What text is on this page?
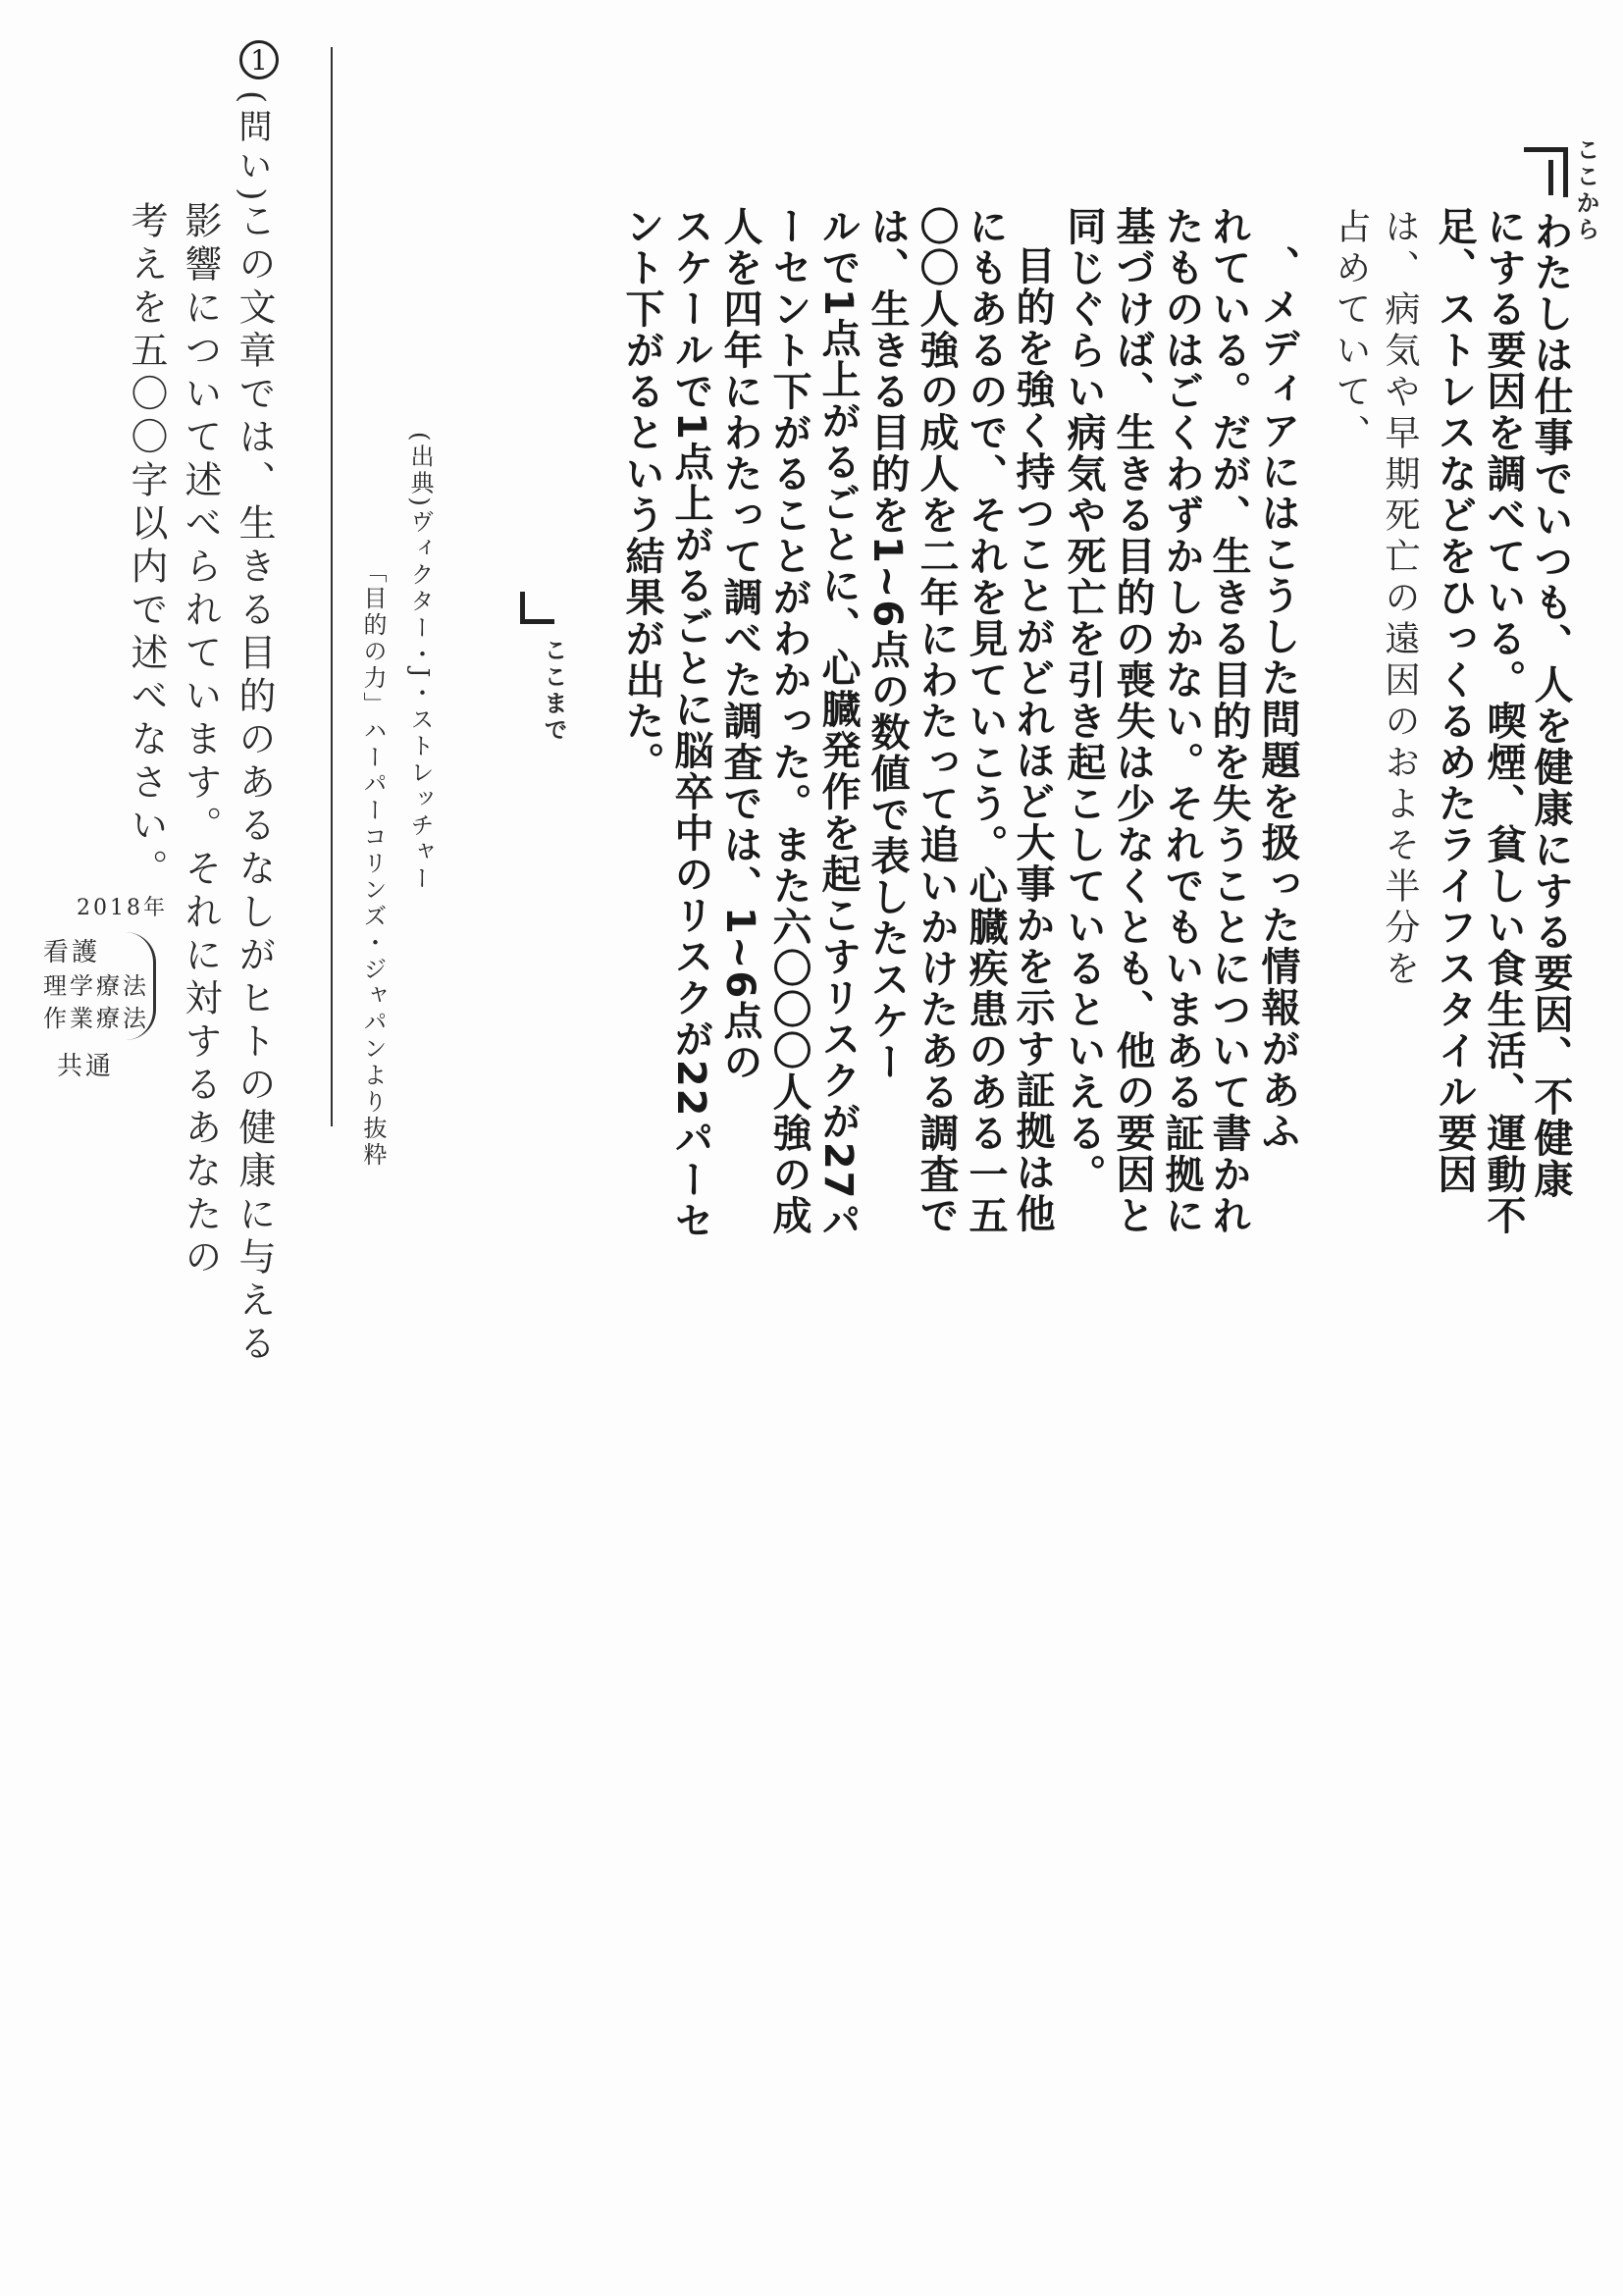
ここから
わたしは仕事でいつも、人を健康にする要因、不健康
にする要因を調べている。喫煙、貧しい食生活、運動不
足、ストレスなどをひっくるめたライフスタイル要因
は、病気や早期死亡の遠因のおよそ半分を
占めていて、
、メディアにはこうした問題を扱った情報があふ
れている。だが、生きる目的を失うことについて書かれ
たものはごくわずかしかない。それでもいまある証拠に
基づけば、生きる目的の喪失は少なくとも、他の要因と
同じぐらい病気や死亡を引き起こしているといえる。
目的を強く持つことがどれほど大事かを示す証拠は他
にもあるので、それを見ていこう。心臓疾患のある一五
〇〇人強の成人を二年にわたって追いかけたある調査で
は、生きる目的を1~6点の数値で表したスケー
ルで1点上がるごとに、心臓発作を起こすリスクが27パ
ーセント下がることがわかった。また六〇〇〇人強の成
人を四年にわたって調べた調査では、1~6点の
スケールで1点上がるごとに脳卒中のリスクが22パーセ
ント下がるという結果が出た。
ここまで
(出典)ヴィクター・J・ストレッチャー
「目的の力」ハーパーコリンズ・ジャパンより抜粋
1
(問い)
この文章では、生きる目的のあるなしがヒトの健康に与える
影響について述べられています。それに対するあなたの
考えを五〇〇字以内で述べなさい。
2018年
看護
理学療法
作業療法
共通
